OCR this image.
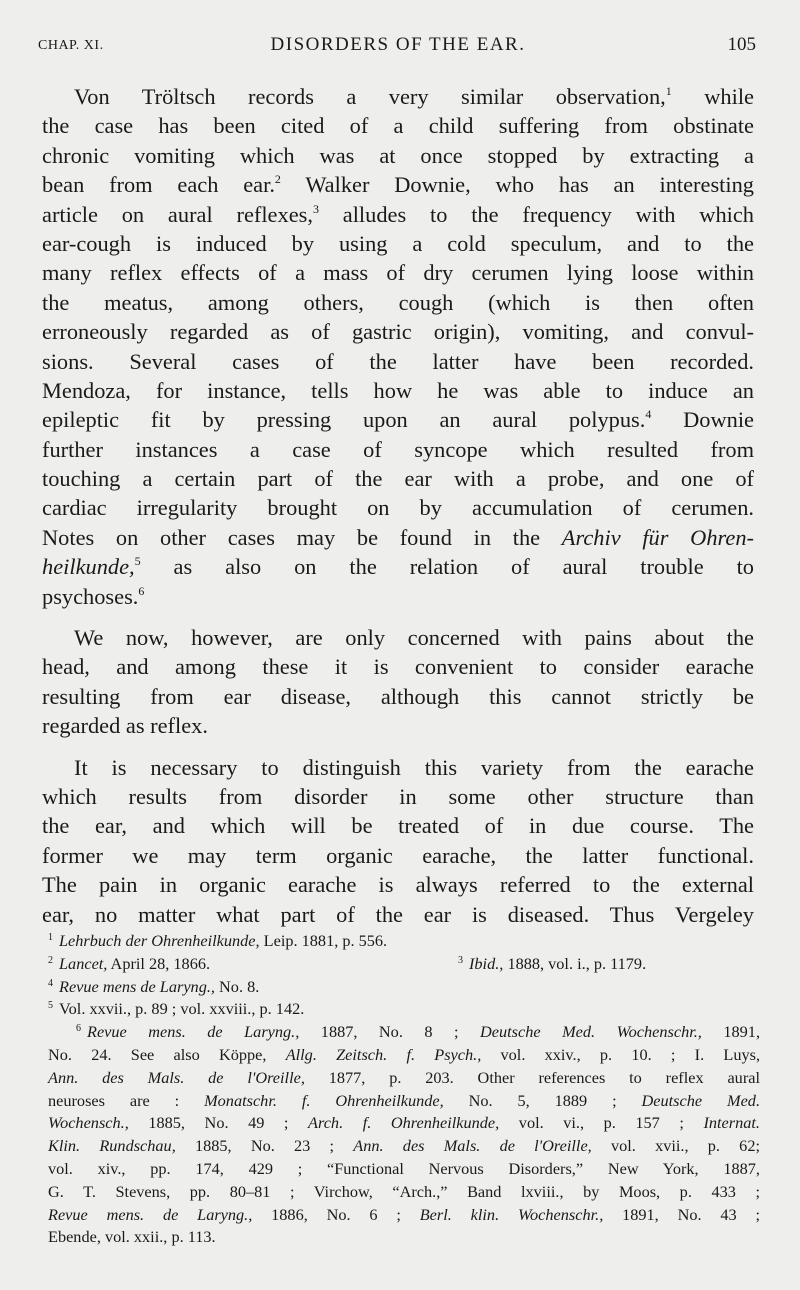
CHAP. XI.	DISORDERS OF THE EAR.	105
Von Tröltsch records a very similar observation,$^1$ while
the case has been cited of a child suffering from obstinate
chronic vomiting which was at once stopped by extracting a
bean from each ear.$^2$ Walker Downie, who has an interesting
article on aural reflexes,$^3$ alludes to the frequency with which
ear-cough is induced by using a cold speculum, and to the
many reflex effects of a mass of dry cerumen lying loose within
the meatus, among others, cough (which is then often
erroneously regarded as of gastric origin), vomiting, and convul-
sions. Several cases of the latter have been recorded.
Mendoza, for instance, tells how he was able to induce an
epileptic fit by pressing upon an aural polypus.$^4$ Downie
further instances a case of syncope which resulted from
touching a certain part of the ear with a probe, and one of
cardiac irregularity brought on by accumulation of cerumen.
Notes on other cases may be found in the Archiv für Ohren-
heilkunde,$^5$ as also on the relation of aural trouble to
psychoses.$^6$
We now, however, are only concerned with pains about the
head, and among these it is convenient to consider earache
resulting from ear disease, although this cannot strictly be
regarded as reflex.
It is necessary to distinguish this variety from the earache
which results from disorder in some other structure than
the ear, and which will be treated of in due course. The
former we may term organic earache, the latter functional.
The pain in organic earache is always referred to the external
ear, no matter what part of the ear is diseased. Thus Vergeley
$^1$ Lehrbuch der Ohrenheilkunde, Leip. 1881, p. 556.
$^2$ Lancet, April 28, 1866.	$^3$ Ibid., 1888, vol. i., p. 1179.
$^4$ Revue mens de Laryng., No. 8.
$^5$ Vol. xxvii., p. 89 ; vol. xxviii., p. 142.
$^6$ Revue mens. de Laryng., 1887, No. 8 ; Deutsche Med. Wochenschr., 1891,
No. 24. See also Köppe, Allg. Zeitsch. f. Psych., vol. xxiv., p. 10. ; I. Luys,
Ann. des Mals. de l'Oreille, 1877, p. 203. Other references to reflex aural
neuroses are : Monatschr. f. Ohrenheilkunde, No. 5, 1889 ; Deutsche Med.
Wochensch., 1885, No. 49 ; Arch. f. Ohrenheilkunde, vol. vi., p. 157 ; Internat.
Klin. Rundschau, 1885, No. 23 ; Ann. des Mals. de l'Oreille, vol. xvii., p. 62;
vol. xiv., pp. 174, 429 ; “Functional Nervous Disorders,” New York, 1887,
G. T. Stevens, pp. 80–81 ; Virchow, “Arch.,” Band lxviii., by Moos, p. 433 ;
Revue mens. de Laryng., 1886, No. 6 ; Berl. klin. Wochenschr., 1891, No. 43 ;
Ebende, vol. xxii., p. 113.
